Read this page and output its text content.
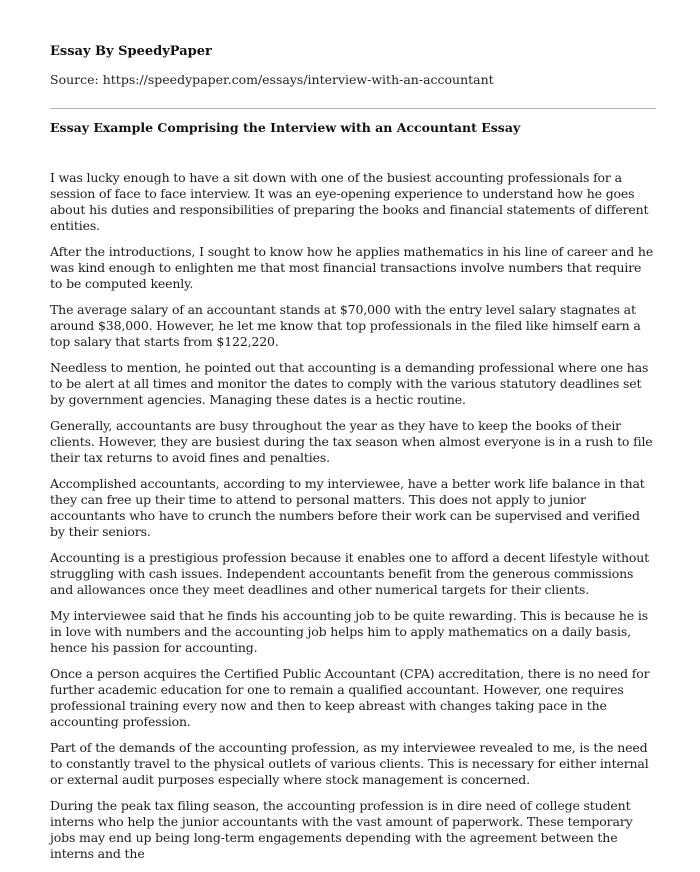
Essay By SpeedyPaper

Source: https://speedypaper.com/essays/interview-with-an-accountant

Essay Example Comprising the Interview with an Accountant Essay

I was lucky enough to have a sit down with one of the busiest accounting professionals for a session of face to face interview. It was an eye-opening experience to understand how he goes about his duties and responsibilities of preparing the books and financial statements of different entities.

After the introductions, I sought to know how he applies mathematics in his line of career and he was kind enough to enlighten me that most financial transactions involve numbers that require to be computed keenly.

The average salary of an accountant stands at $70,000 with the entry level salary stagnates at around $38,000. However, he let me know that top professionals in the filed like himself earn a top salary that starts from $122,220.

Needless to mention, he pointed out that accounting is a demanding professional where one has to be alert at all times and monitor the dates to comply with the various statutory deadlines set by government agencies. Managing these dates is a hectic routine.

Generally, accountants are busy throughout the year as they have to keep the books of their clients. However, they are busiest during the tax season when almost everyone is in a rush to file their tax returns to avoid fines and penalties.

Accomplished accountants, according to my interviewee, have a better work life balance in that they can free up their time to attend to personal matters. This does not apply to junior accountants who have to crunch the numbers before their work can be supervised and verified by their seniors.

Accounting is a prestigious profession because it enables one to afford a decent lifestyle without struggling with cash issues. Independent accountants benefit from the generous commissions and allowances once they meet deadlines and other numerical targets for their clients.

My interviewee said that he finds his accounting job to be quite rewarding. This is because he is in love with numbers and the accounting job helps him to apply mathematics on a daily basis, hence his passion for accounting.

Once a person acquires the Certified Public Accountant (CPA) accreditation, there is no need for further academic education for one to remain a qualified accountant. However, one requires professional training every now and then to keep abreast with changes taking pace in the accounting profession.

Part of the demands of the accounting profession, as my interviewee revealed to me, is the need to constantly travel to the physical outlets of various clients. This is necessary for either internal or external audit purposes especially where stock management is concerned.

During the peak tax filing season, the accounting profession is in dire need of college student interns who help the junior accountants with the vast amount of paperwork. These temporary jobs may end up being long-term engagements depending with the agreement between the interns and the
